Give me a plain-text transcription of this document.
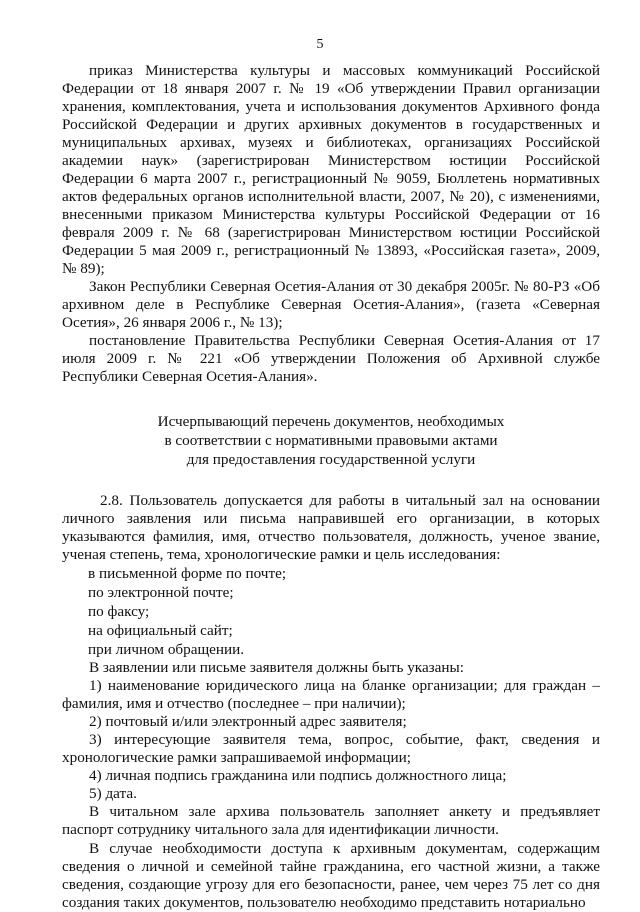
5

приказ Министерства культуры и массовых коммуникаций Российской Федерации от 18 января 2007 г. № 19 «Об утверждении Правил организации хранения, комплектования, учета и использования документов Архивного фонда Российской Федерации и других архивных документов в государственных и муниципальных архивах, музеях и библиотеках, организациях Российской академии наук» (зарегистрирован Министерством юстиции Российской Федерации 6 марта 2007 г., регистрационный № 9059, Бюллетень нормативных актов федеральных органов исполнительной власти, 2007, № 20), с изменениями, внесенными приказом Министерства культуры Российской Федерации от 16 февраля 2009 г. № 68 (зарегистрирован Министерством юстиции Российской Федерации 5 мая 2009 г., регистрационный № 13893, «Российская газета», 2009, № 89);

Закон Республики Северная Осетия-Алания от 30 декабря 2005г. № 80-РЗ «Об архивном деле в Республике Северная Осетия-Алания», (газета «Северная Осетия», 26 января 2006 г., № 13);

постановление Правительства Республики Северная Осетия-Алания от 17 июля 2009 г. № 221 «Об утверждении Положения об Архивной службе Республики Северная Осетия-Алания».

Исчерпывающий перечень документов, необходимых
в соответствии с нормативными правовыми актами
для предоставления государственной услуги

2.8. Пользователь допускается для работы в читальный зал на основании личного заявления или письма направившей его организации, в которых указываются фамилия, имя, отчество пользователя, должность, ученое звание, ученая степень, тема, хронологические рамки и цель исследования:

в письменной форме по почте;

по электронной почте;

по факсу;

на официальный сайт;

при личном обращении.

В заявлении или письме заявителя должны быть указаны:

1) наименование юридического лица на бланке организации; для граждан – фамилия, имя и отчество (последнее – при наличии);

2) почтовый и/или электронный адрес заявителя;

3) интересующие заявителя тема, вопрос, событие, факт, сведения и хронологические рамки запрашиваемой информации;

4) личная подпись гражданина или подпись должностного лица;

5) дата.

В читальном зале архива пользователь заполняет анкету и предъявляет паспорт сотруднику читального зала для идентификации личности.

В случае необходимости доступа к архивным документам, содержащим сведения о личной и семейной тайне гражданина, его частной жизни, а также сведения, создающие угрозу для его безопасности, ранее, чем через 75 лет со дня создания таких документов, пользователю необходимо представить нотариально
